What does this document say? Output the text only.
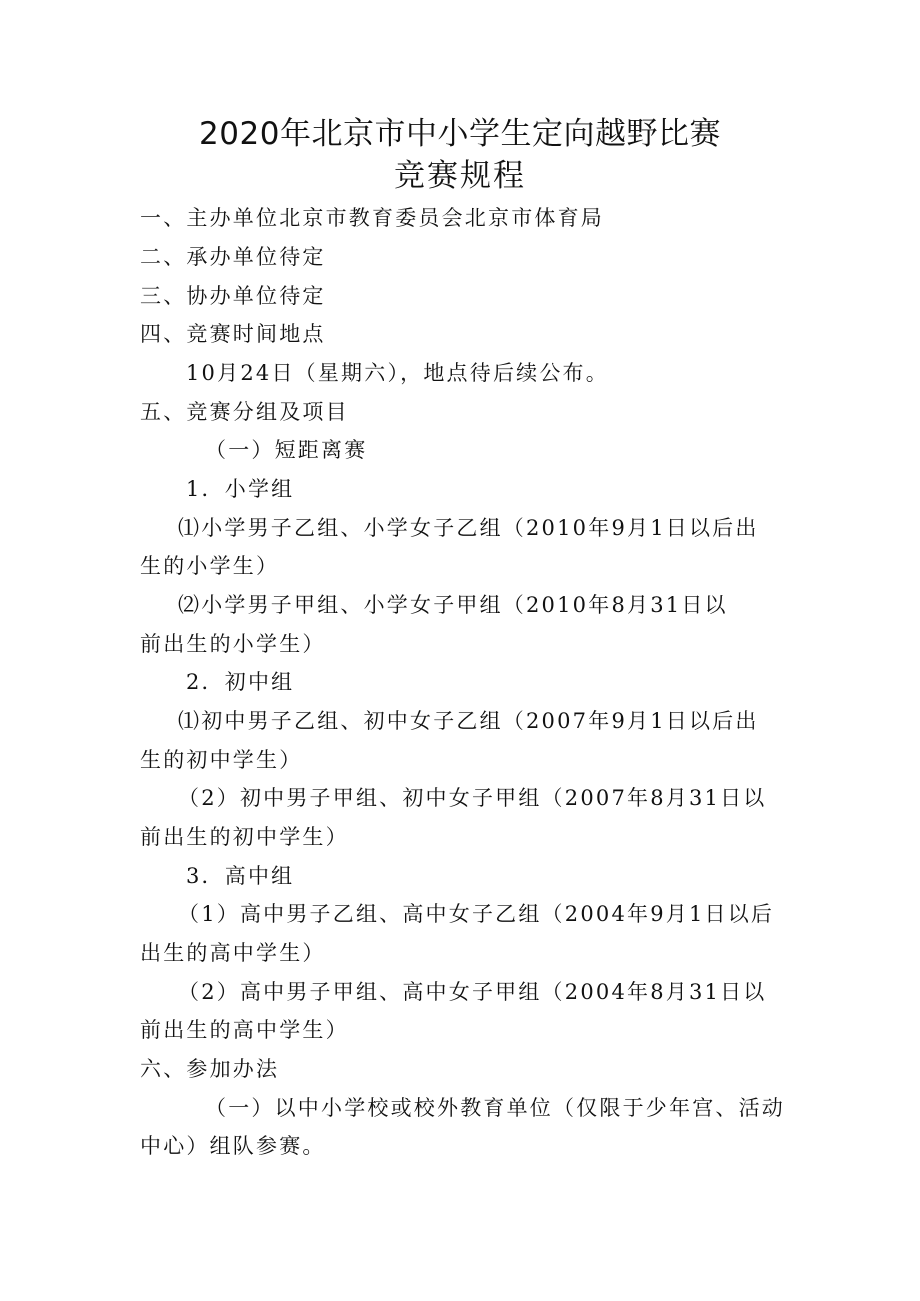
2020年北京市中小学生定向越野比赛
竞赛规程
一、主办单位北京市教育委员会北京市体育局
二、承办单位待定
三、协办单位待定
四、竞赛时间地点
10月24日（星期六），地点待后续公布。
五、竞赛分组及项目
（一）短距离赛
1．小学组
⑴小学男子乙组、小学女子乙组（2010年9月1日以后出
生的小学生）
⑵小学男子甲组、小学女子甲组（2010年8月31日以
前出生的小学生）
2．初中组
⑴初中男子乙组、初中女子乙组（2007年9月1日以后出
生的初中学生）
（2）初中男子甲组、初中女子甲组（2007年8月31日以
前出生的初中学生）
3．高中组
（1）高中男子乙组、高中女子乙组（2004年9月1日以后
出生的高中学生）
（2）高中男子甲组、高中女子甲组（2004年8月31日以
前出生的高中学生）
六、参加办法
（一）以中小学校或校外教育单位（仅限于少年宫、活动
中心）组队参赛。
